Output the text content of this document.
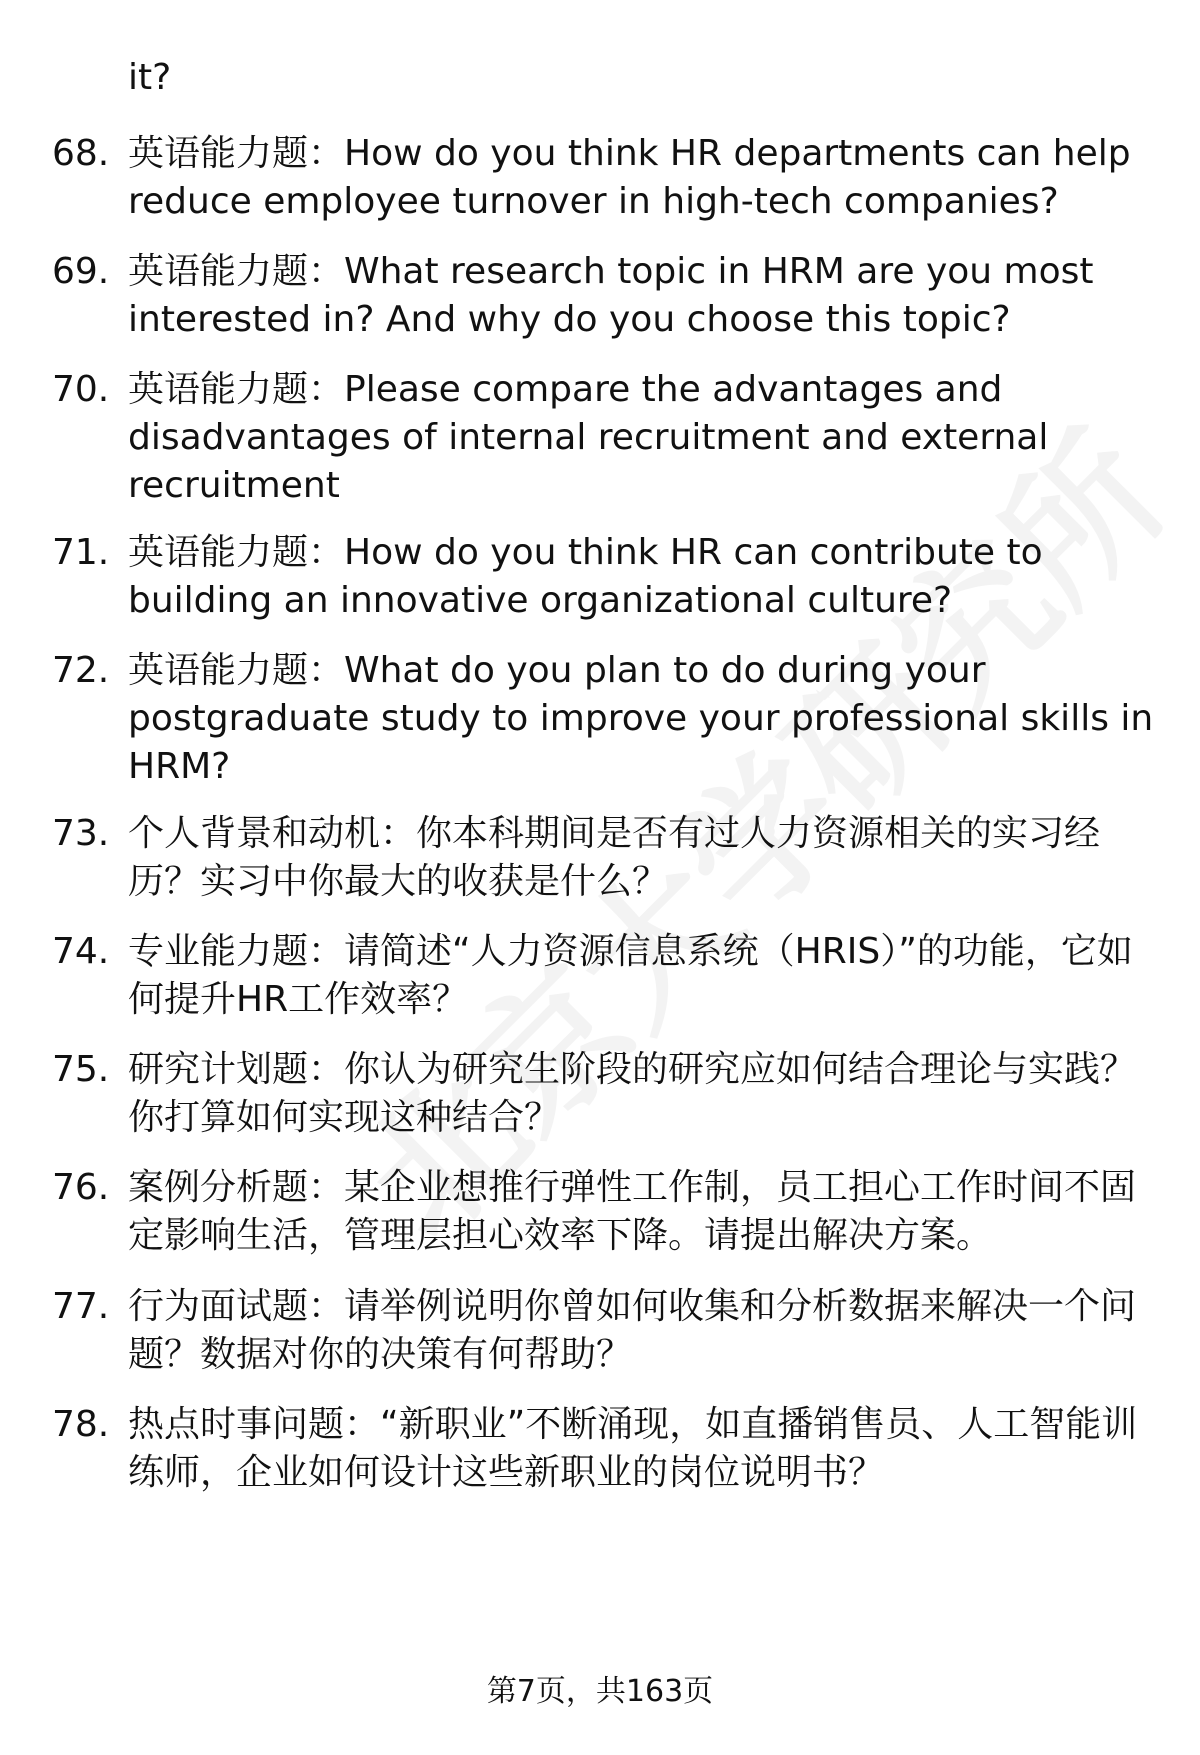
it?

68. 英语能力题：How do you think HR departments can help reduce employee turnover in high-tech companies?
69. 英语能力题：What research topic in HRM are you most interested in? And why do you choose this topic?
70. 英语能力题：Please compare the advantages and disadvantages of internal recruitment and external recruitment
71. 英语能力题：How do you think HR can contribute to building an innovative organizational culture?
72. 英语能力题：What do you plan to do during your postgraduate study to improve your professional skills in HRM?
73. 个人背景和动机：你本科期间是否有过人力资源相关的实习经历？实习中你最大的收获是什么？
74. 专业能力题：请简述“人力资源信息系统（HRIS）”的功能，它如何提升HR工作效率？
75. 研究计划题：你认为研究生阶段的研究应如何结合理论与实践？你打算如何实现这种结合？
76. 案例分析题：某企业想推行弹性工作制，员工担心工作时间不固定影响生活，管理层担心效率下降。请提出解决方案。
77. 行为面试题：请举例说明你曾如何收集和分析数据来解决一个问题？数据对你的决策有何帮助？
78. 热点时事问题：“新职业”不断涌现，如直播销售员、人工智能训练师，企业如何设计这些新职业的岗位说明书？
第7页，共163页
